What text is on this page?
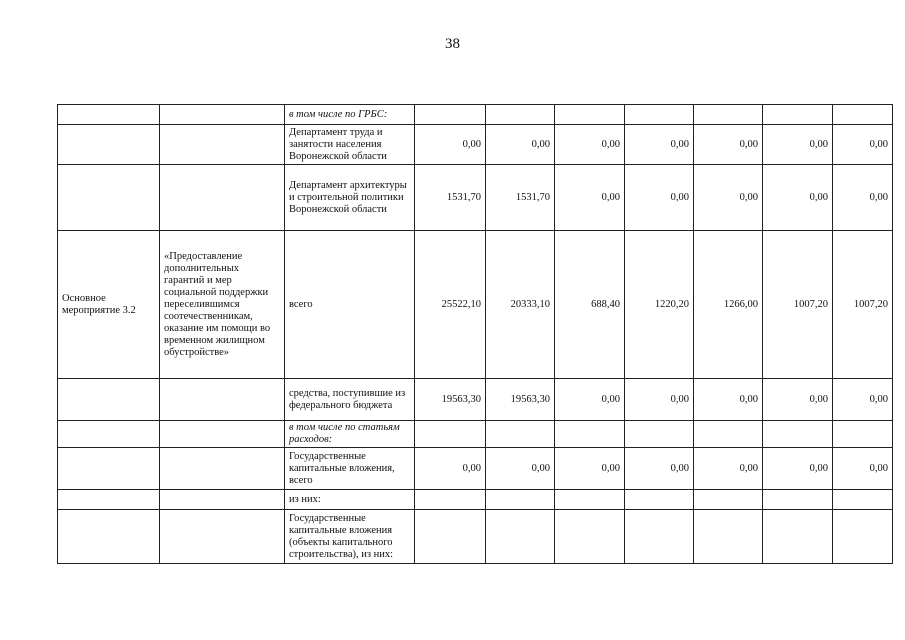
38
		в том числе по ГРБС:							
		Департамент труда и занятости населения Воронежской области	0,00	0,00	0,00	0,00	0,00	0,00	0,00
		Департамент архитектуры и строительной политики Воронежской области	1531,70	1531,70	0,00	0,00	0,00	0,00	0,00
Основное мероприятие 3.2	«Предоставление дополнительных гарантий и мер социальной поддержки переселившимся соотечественникам, оказание им помощи во временном жилищном обустройстве»	всего	25522,10	20333,10	688,40	1220,20	1266,00	1007,20	1007,20
		средства, поступившие из федерального бюджета	19563,30	19563,30	0,00	0,00	0,00	0,00	0,00
		в том числе по статьям расходов:							
		Государственные капитальные вложения, всего	0,00	0,00	0,00	0,00	0,00	0,00	0,00
		из них:							
		Государственные капитальные вложения (объекты капитального строительства), из них:							
